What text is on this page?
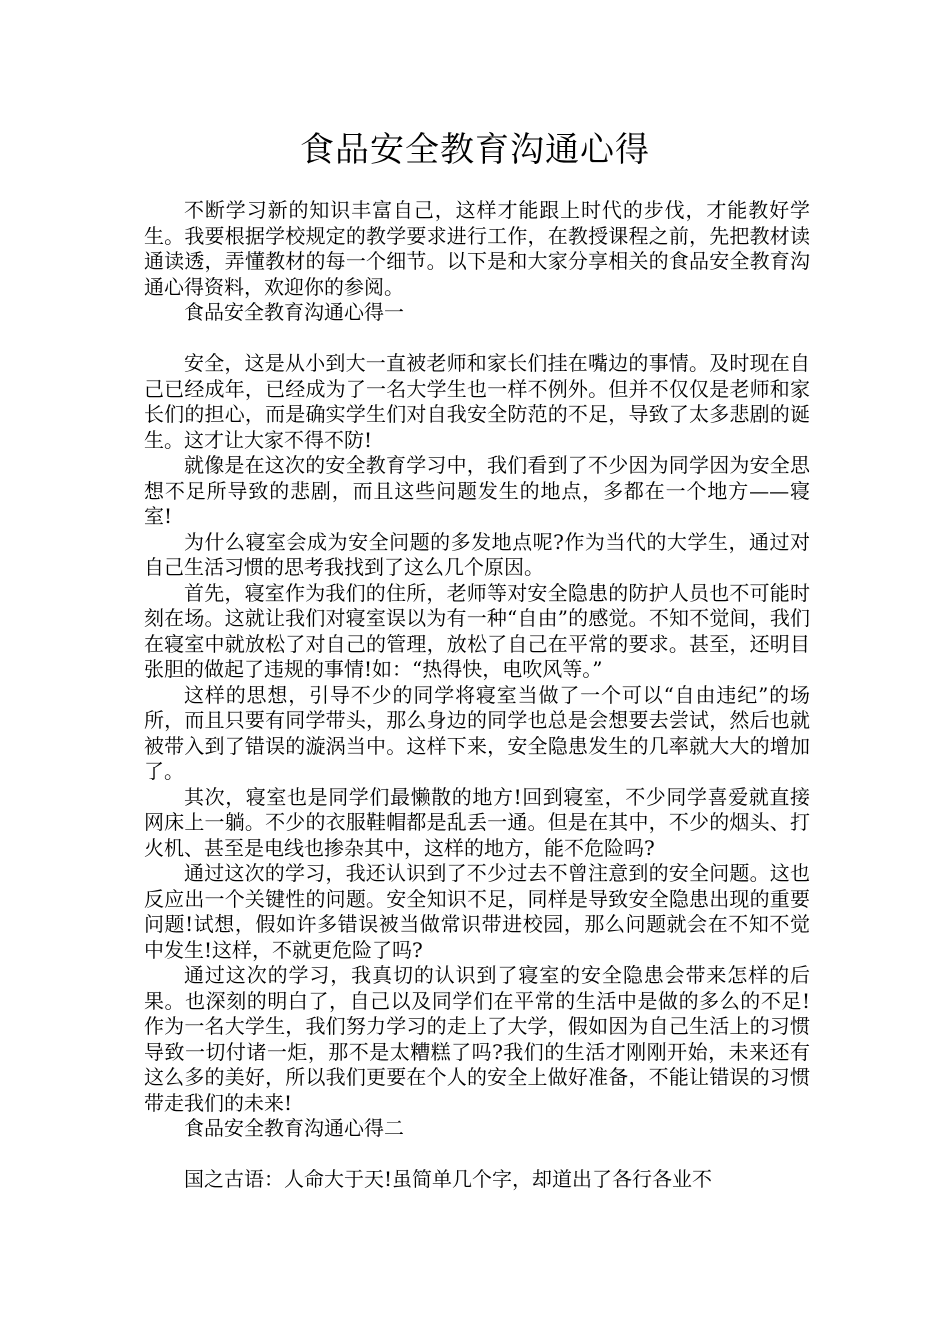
食品安全教育沟通心得

不断学习新的知识丰富自己，这样才能跟上时代的步伐，才能教好学生。我要根据学校规定的教学要求进行工作，在教授课程之前，先把教材读通读透，弄懂教材的每一个细节。以下是和大家分享相关的食品安全教育沟通心得资料，欢迎你的参阅。

食品安全教育沟通心得一

安全，这是从小到大一直被老师和家长们挂在嘴边的事情。及时现在自己已经成年，已经成为了一名大学生也一样不例外。但并不仅仅是老师和家长们的担心，而是确实学生们对自我安全防范的不足，导致了太多悲剧的诞生。这才让大家不得不防!

就像是在这次的安全教育学习中，我们看到了不少因为同学因为安全思想不足所导致的悲剧，而且这些问题发生的地点，多都在一个地方——寝室!

为什么寝室会成为安全问题的多发地点呢?作为当代的大学生，通过对自己生活习惯的思考我找到了这么几个原因。

首先，寝室作为我们的住所，老师等对安全隐患的防护人员也不可能时刻在场。这就让我们对寝室误以为有一种“自由”的感觉。不知不觉间，我们在寝室中就放松了对自己的管理，放松了自己在平常的要求。甚至，还明目张胆的做起了违规的事情!如：“热得快，电吹风等。”

这样的思想，引导不少的同学将寝室当做了一个可以“自由违纪”的场所，而且只要有同学带头，那么身边的同学也总是会想要去尝试，然后也就被带入到了错误的漩涡当中。这样下来，安全隐患发生的几率就大大的增加了。

其次，寝室也是同学们最懒散的地方!回到寝室，不少同学喜爱就直接网床上一躺。不少的衣服鞋帽都是乱丢一通。但是在其中，不少的烟头、打火机、甚至是电线也掺杂其中，这样的地方，能不危险吗?

通过这次的学习，我还认识到了不少过去不曾注意到的安全问题。这也反应出一个关键性的问题。安全知识不足，同样是导致安全隐患出现的重要问题!试想，假如许多错误被当做常识带进校园，那么问题就会在不知不觉中发生!这样，不就更危险了吗?

通过这次的学习，我真切的认识到了寝室的安全隐患会带来怎样的后果。也深刻的明白了，自己以及同学们在平常的生活中是做的多么的不足!作为一名大学生，我们努力学习的走上了大学，假如因为自己生活上的习惯导致一切付诸一炬，那不是太糟糕了吗?我们的生活才刚刚开始，未来还有这么多的美好，所以我们更要在个人的安全上做好准备，不能让错误的习惯带走我们的未来!

食品安全教育沟通心得二

国之古语：人命大于天!虽简单几个字，却道出了各行各业不
